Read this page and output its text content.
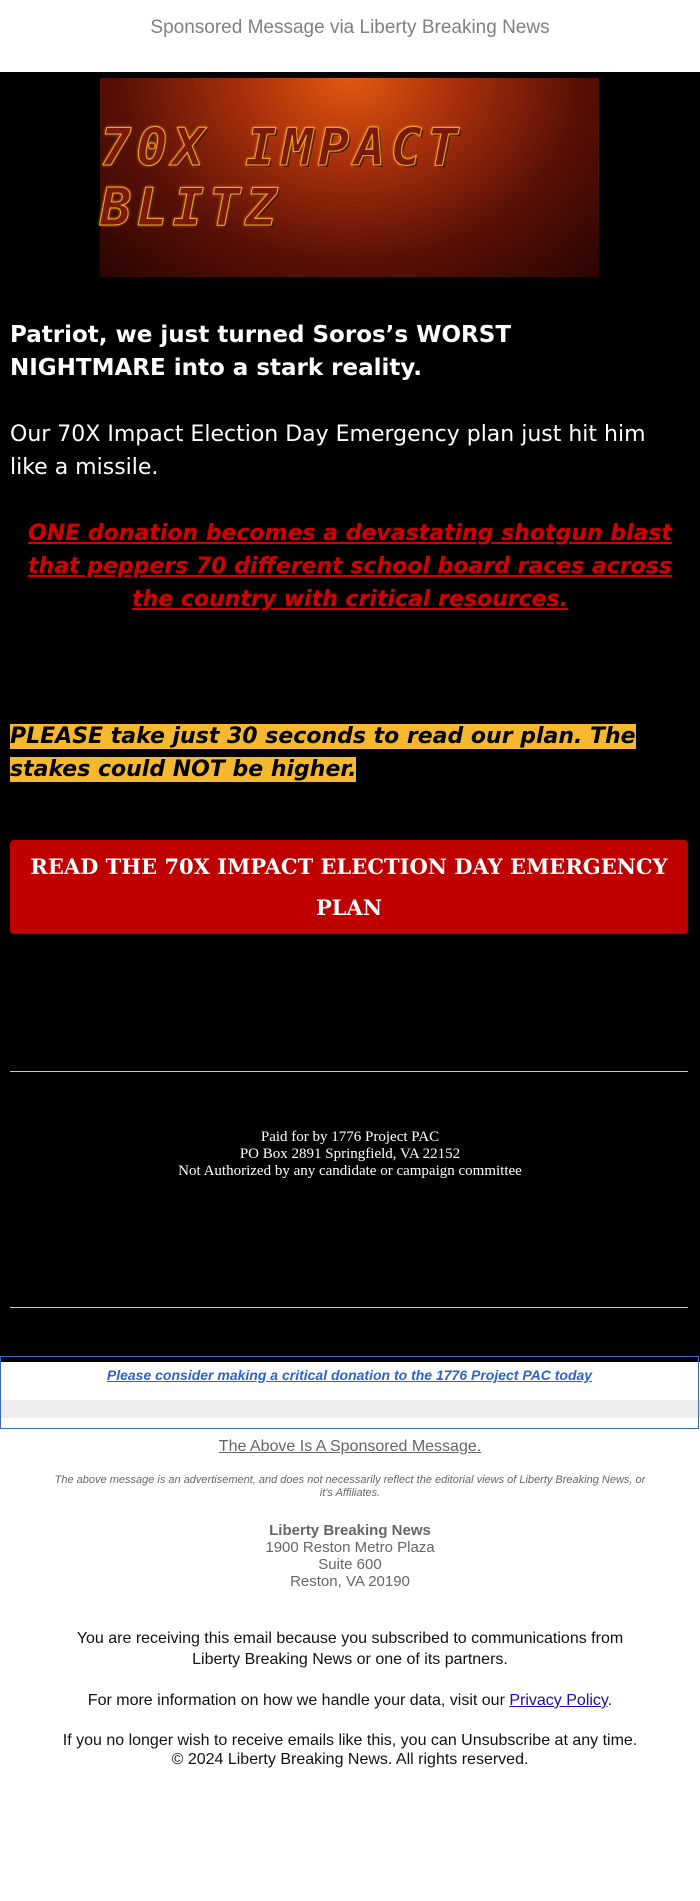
Sponsored Message via Liberty Breaking News
70X IMPACT BLITZ
Patriot, we just turned Soros’s WORST NIGHTMARE into a stark reality.
Our 70X Impact Election Day Emergency plan just hit him like a missile.
ONE donation becomes a devastating shotgun blast that peppers 70 different school board races across the country with critical resources.
PLEASE take just 30 seconds to read our plan. The stakes could NOT be higher.
READ THE 70X IMPACT ELECTION DAY EMERGENCY PLAN
Paid for by 1776 Project PAC
PO Box 2891 Springfield, VA 22152
Not Authorized by any candidate or campaign committee
Please consider making a critical donation to the 1776 Project PAC today
The Above Is A Sponsored Message.
The above message is an advertisement, and does not necessarily reflect the editorial views of Liberty Breaking News, or it's Affiliates.
Liberty Breaking News
1900 Reston Metro Plaza
Suite 600
Reston, VA 20190
You are receiving this email because you subscribed to communications from Liberty Breaking News or one of its partners.
For more information on how we handle your data, visit our Privacy Policy.
If you no longer wish to receive emails like this, you can Unsubscribe at any time.
© 2024 Liberty Breaking News. All rights reserved.
